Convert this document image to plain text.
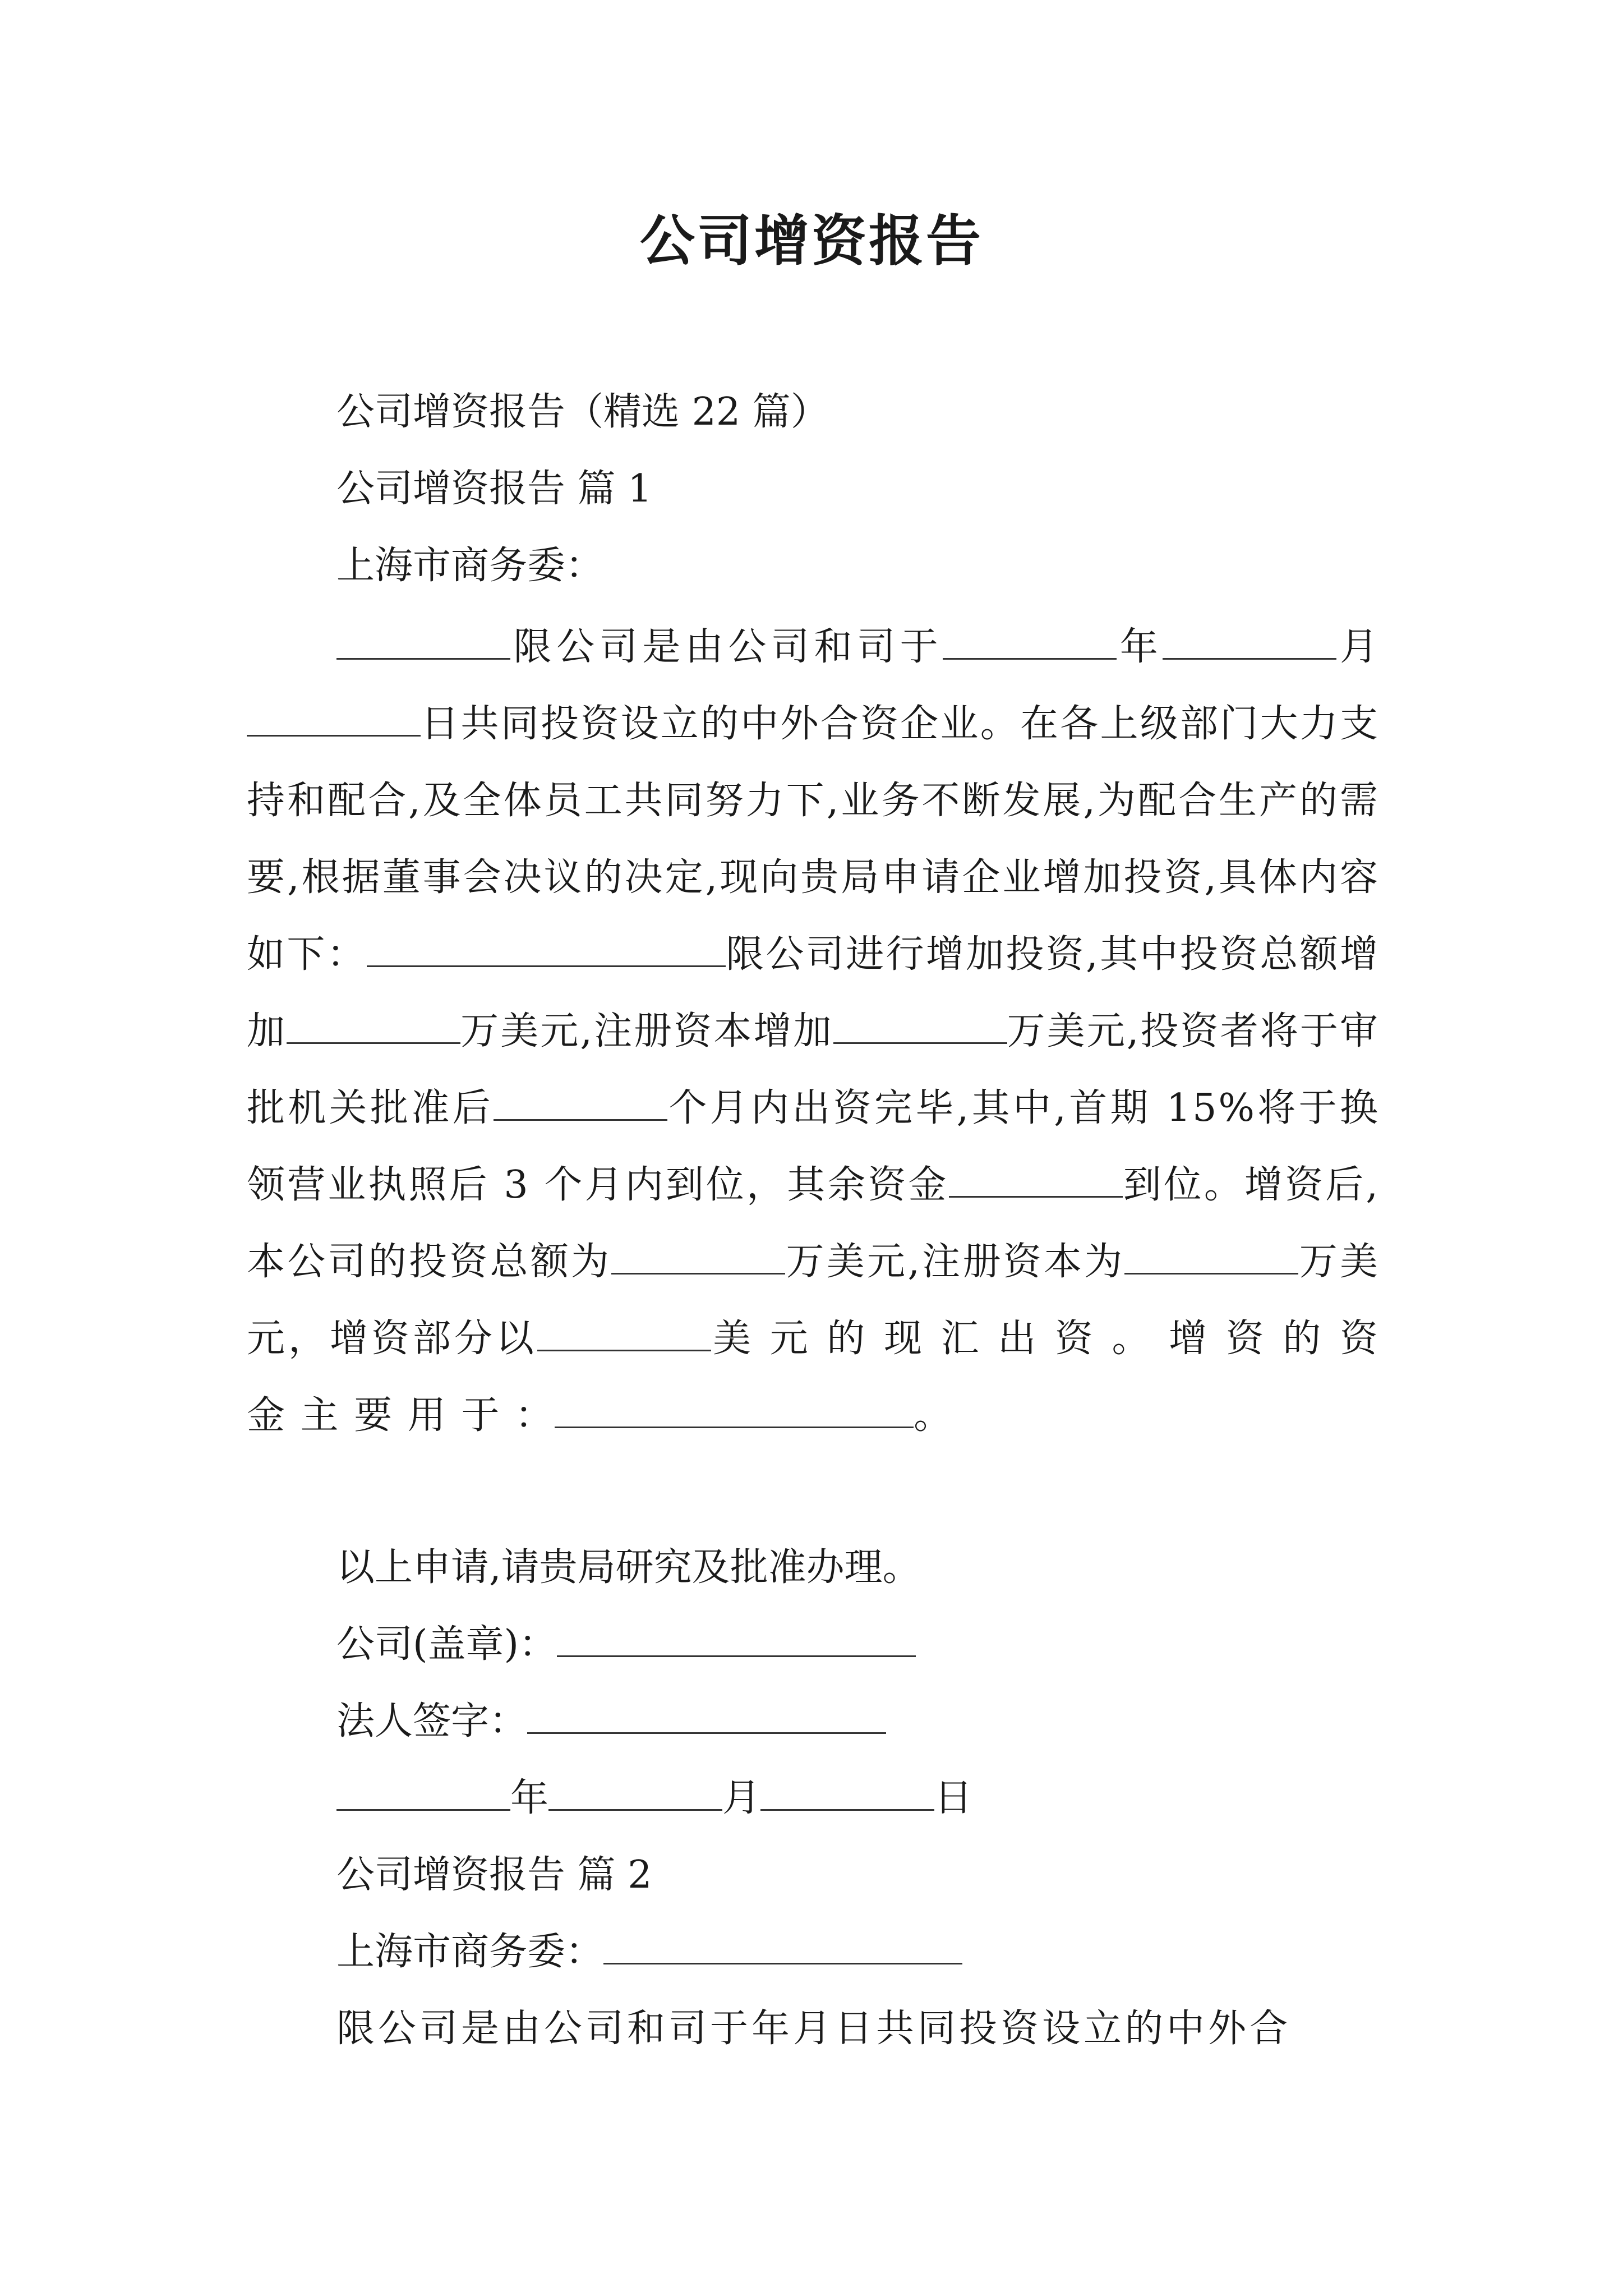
公司增资报告
公司增资报告（精选 22 篇）
公司增资报告 篇 1
上海市商务委：
限公司是由公司和司于	年	月 日共同投资设立的中外合资企业。在各上级部门大力支持和配合,及全体员工共同努力下,业务不断发展,为配合生产的需要,根据董事会决议的决定,现向贵局申请企业增加投资,具体内容如下：	限公司进行增加投资,其中投资总额增加	万美元,注册资本增加	万美元,投资者将于审批机关批准后	个月内出资完毕,其中,首期 15%将于换领营业执照后 3 个月内到位，其余资金	到位。增资后,本公司的投资总额为	万美元,注册资本为	万美元，增资部分以	美 元 的 现 汇 出 资 。 增 资 的 资 金 主 要 用 于 ：	。
以上申请,请贵局研究及批准办理。
公司(盖章)：
法人签字：
年	月	日
公司增资报告 篇 2
上海市商务委：
限公司是由公司和司于年月日共同投资设立的中外合
